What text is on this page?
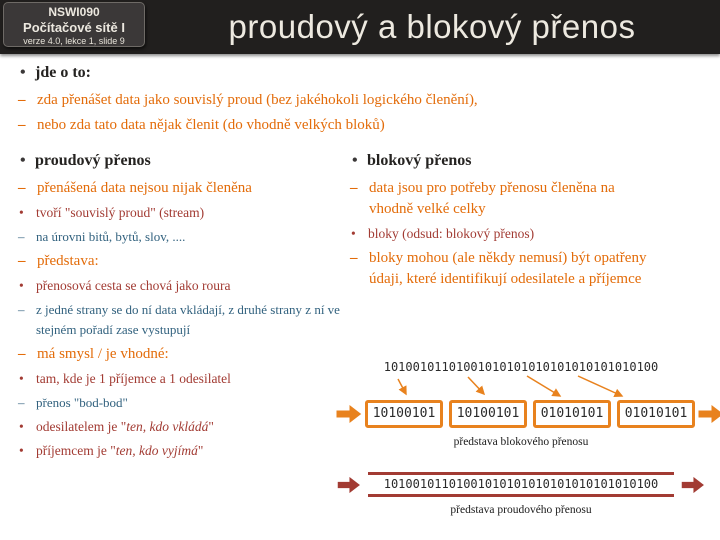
NSWI090
Počítačové sítě I
verze 4.0, lekce 1, slide 9	proudový a blokový přenos
• jde o to:
– zda přenášet data jako souvislý proud (bez jakéhokoli logického členění),
– nebo zda tato data nějak členit (do vhodně velkých bloků)
• proudový přenos
– přenášená data nejsou nijak členěna
• tvoří "souvislý proud" (stream)
– na úrovni bitů, bytů, slov, ....
– představa:
• přenosová cesta se chová jako roura
– z jedné strany se do ní data vkládají, z druhé strany z ní ve stejném pořadí zase vystupují
– má smysl / je vhodné:
• tam, kde je 1 příjemce a 1 odesilatel
– přenos "bod-bod"
• odesilatelem je "ten, kdo vkládá"
• příjemcem je "ten, kdo vyjímá"
• blokový přenos
– data jsou pro potřeby přenosu členěna na vhodně velké celky
• bloky (odsud: blokový přenos)
– bloky mohou (ale někdy nemusí) být opatřeny údaji, které identifikují odesilatele a příjemce
10100101101001010101010101010101010100
10100101	10100101	01010101	01010101
představa blokového přenosu
10100101101001010101010101010101010100
představa proudového přenosu
